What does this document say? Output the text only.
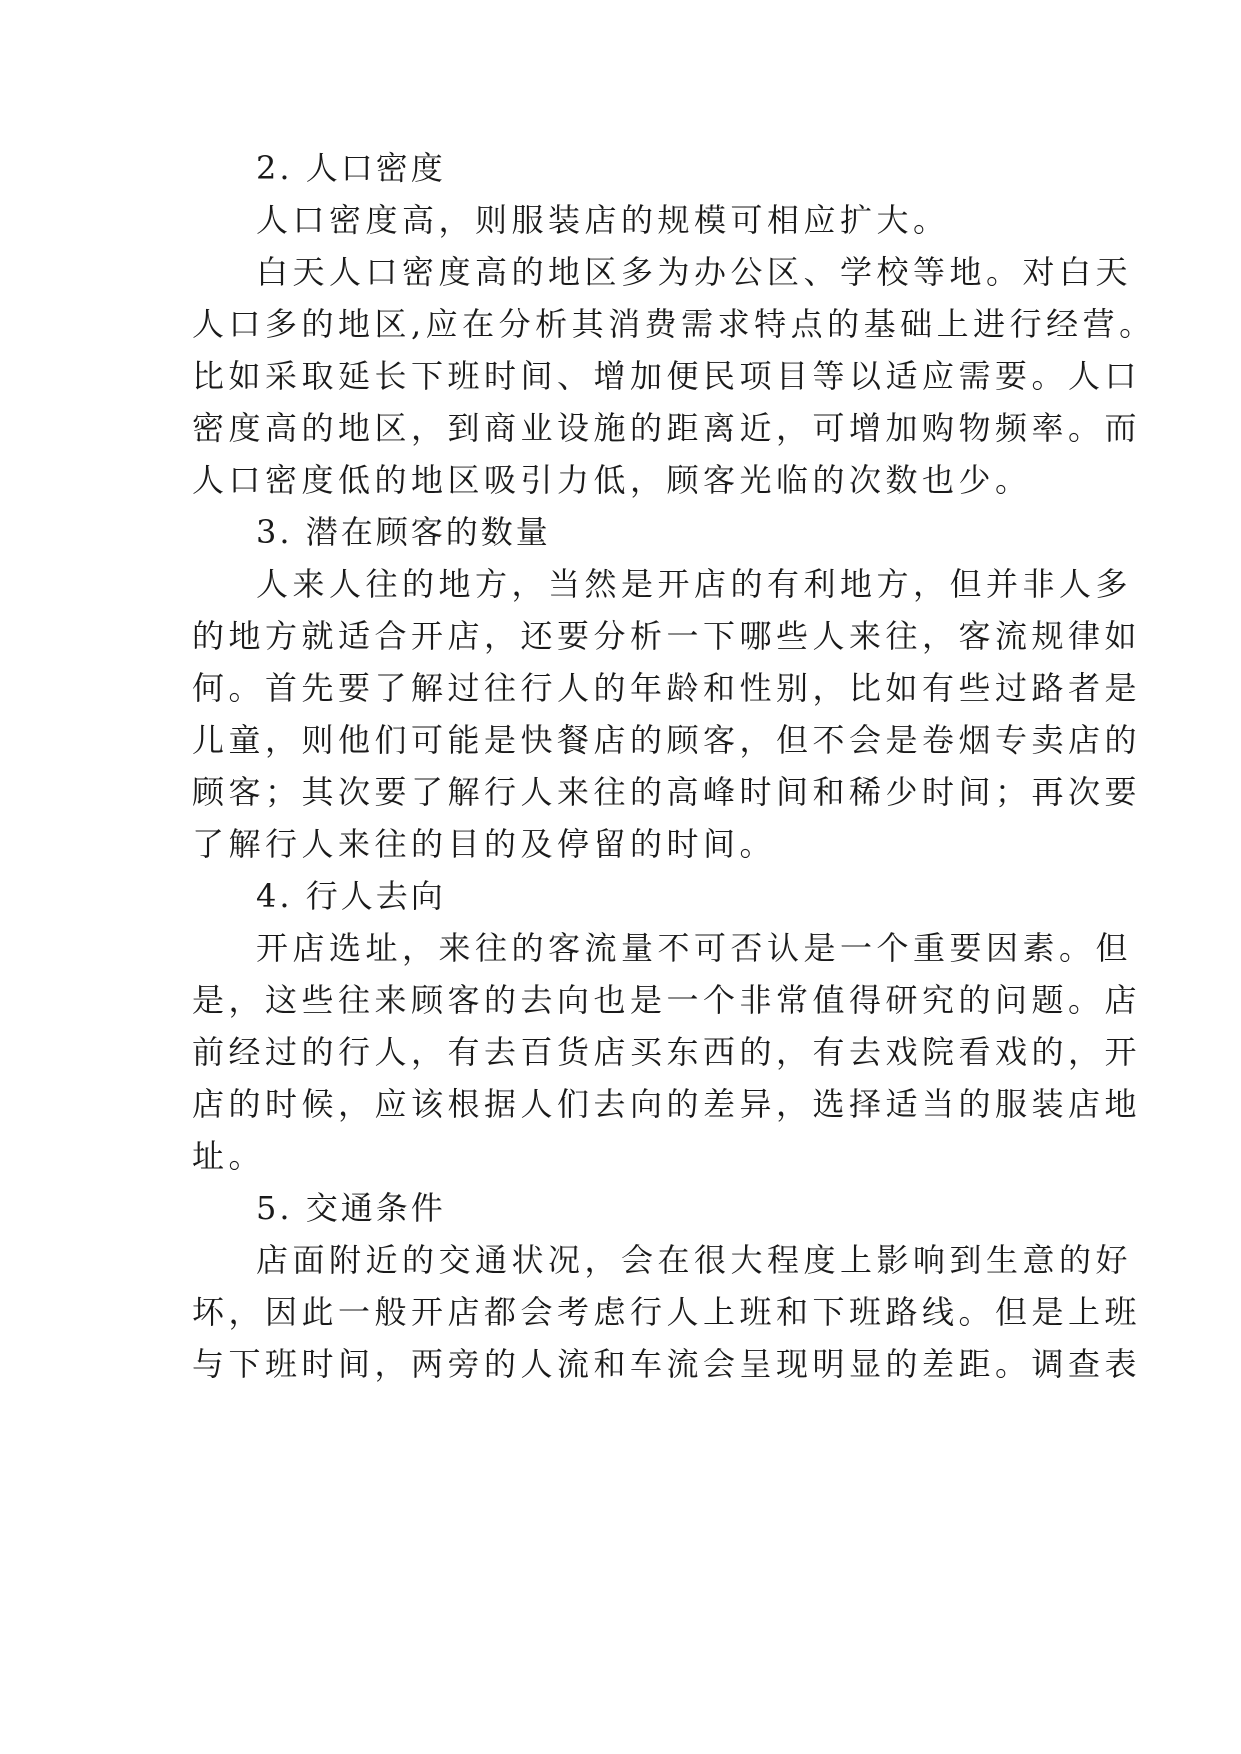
2. 人口密度

人口密度高，则服装店的规模可相应扩大。

白天人口密度高的地区多为办公区、学校等地。对白天

人口多的地区,应在分析其消费需求特点的基础上进行经营。

比如采取延长下班时间、增加便民项目等以适应需要。人口

密度高的地区，到商业设施的距离近，可增加购物频率。而

人口密度低的地区吸引力低，顾客光临的次数也少。

3. 潜在顾客的数量

人来人往的地方，当然是开店的有利地方，但并非人多

的地方就适合开店，还要分析一下哪些人来往，客流规律如

何。首先要了解过往行人的年龄和性别，比如有些过路者是

儿童，则他们可能是快餐店的顾客，但不会是卷烟专卖店的

顾客；其次要了解行人来往的高峰时间和稀少时间；再次要

了解行人来往的目的及停留的时间。

4. 行人去向

开店选址，来往的客流量不可否认是一个重要因素。但

是，这些往来顾客的去向也是一个非常值得研究的问题。店

前经过的行人，有去百货店买东西的，有去戏院看戏的，开

店的时候，应该根据人们去向的差异，选择适当的服装店地

址。

5. 交通条件

店面附近的交通状况，会在很大程度上影响到生意的好

坏，因此一般开店都会考虑行人上班和下班路线。但是上班

与下班时间，两旁的人流和车流会呈现明显的差距。调查表
